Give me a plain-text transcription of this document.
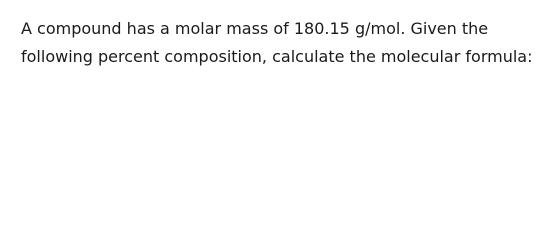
A compound has a molar mass of 180.15 g/mol. Given the following percent composition, calculate the molecular formula:
